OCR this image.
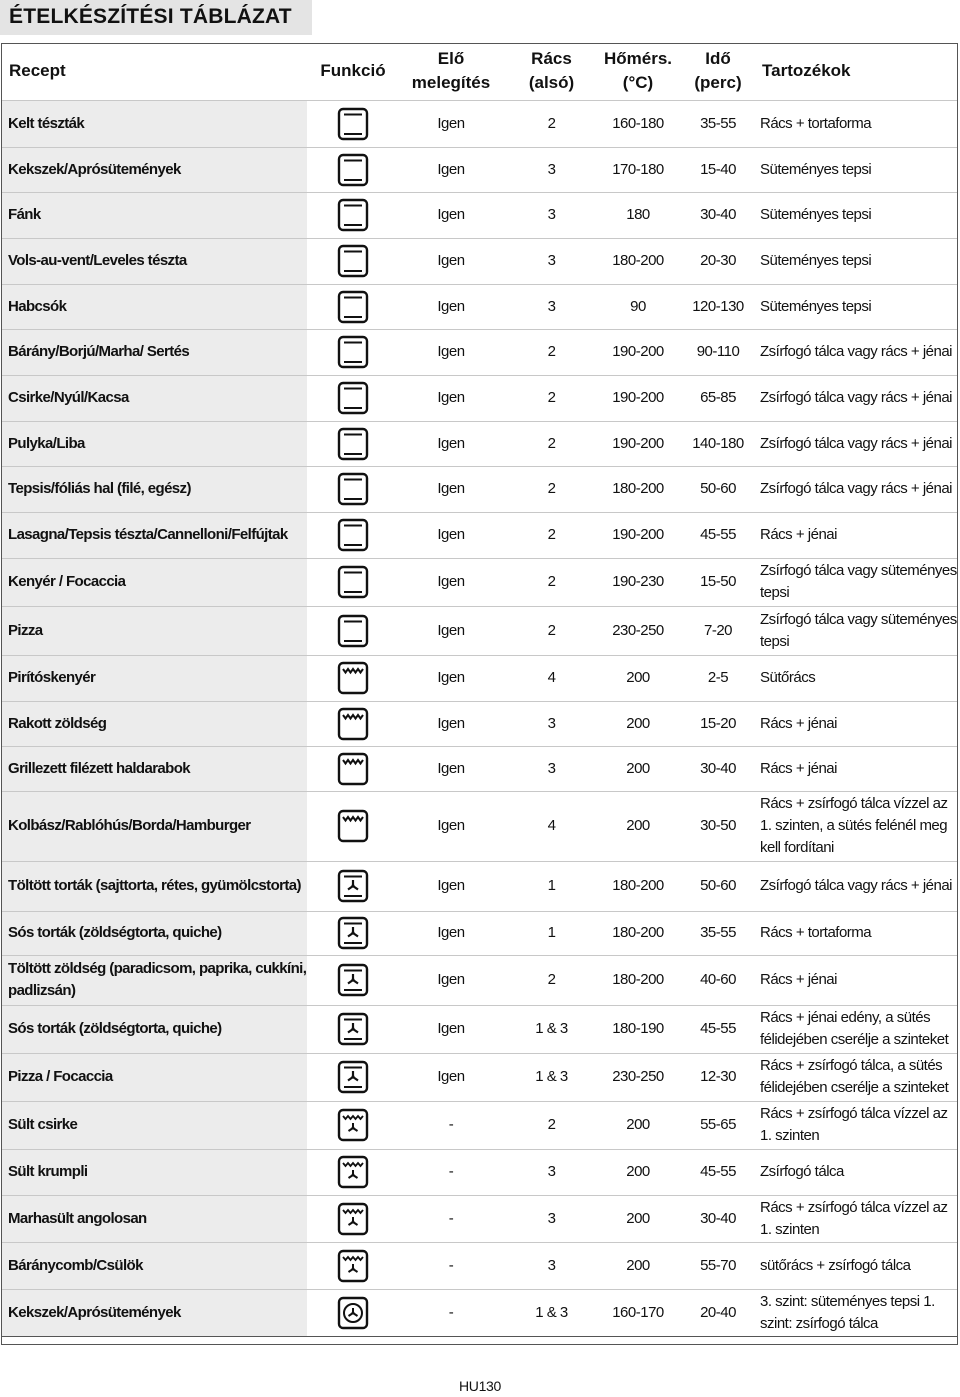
ÉTELKÉSZÍTÉSI TÁBLÁZAT
Recept	Funkció	Elő melegítés	Rács (alsó)	Hőmérs. (°C)	Idő (perc)	Tartozékok
Kelt tészták		Igen	2	160-180	35-55	Rács + tortaforma
Kekszek/Aprósütemények		Igen	3	170-180	15-40	Süteményes tepsi
Fánk		Igen	3	180	30-40	Süteményes tepsi
Vols-au-vent/Leveles tészta		Igen	3	180-200	20-30	Süteményes tepsi
Habcsók		Igen	3	90	120-130	Süteményes tepsi
Bárány/Borjú/Marha/ Sertés		Igen	2	190-200	90-110	Zsírfogó tálca vagy rács + jénai
Csirke/Nyúl/Kacsa		Igen	2	190-200	65-85	Zsírfogó tálca vagy rács + jénai
Pulyka/Liba		Igen	2	190-200	140-180	Zsírfogó tálca vagy rács + jénai
Tepsis/fóliás hal (filé, egész)		Igen	2	180-200	50-60	Zsírfogó tálca vagy rács + jénai
Lasagna/Tepsis tészta/Cannelloni/Felfújtak		Igen	2	190-200	45-55	Rács + jénai
Kenyér / Focaccia		Igen	2	190-230	15-50	Zsírfogó tálca vagy süteményes tepsi
Pizza		Igen	2	230-250	7-20	Zsírfogó tálca vagy süteményes tepsi
Pirítóskenyér		Igen	4	200	2-5	Sütőrács
Rakott zöldség		Igen	3	200	15-20	Rács + jénai
Grillezett filézett haldarabok		Igen	3	200	30-40	Rács + jénai
Kolbász/Rablóhús/Borda/Hamburger		Igen	4	200	30-50	Rács + zsírfogó tálca vízzel az 1. szinten, a sütés felénél meg kell fordítani
Töltött torták (sajttorta, rétes, gyümölcstorta)		Igen	1	180-200	50-60	Zsírfogó tálca vagy rács + jénai
Sós torták (zöldségtorta, quiche)		Igen	1	180-200	35-55	Rács + tortaforma
Töltött zöldség (paradicsom, paprika, cukkíni, padlizsán)		Igen	2	180-200	40-60	Rács + jénai
Sós torták (zöldségtorta, quiche)		Igen	1 & 3	180-190	45-55	Rács + jénai edény, a sütés félidejében cserélje a szinteket
Pizza / Focaccia		Igen	1 & 3	230-250	12-30	Rács + zsírfogó tálca, a sütés félidejében cserélje a szinteket
Sült csirke		-	2	200	55-65	Rács + zsírfogó tálca vízzel az 1. szinten
Sült krumpli		-	3	200	45-55	Zsírfogó tálca
Marhasült angolosan		-	3	200	30-40	Rács + zsírfogó tálca vízzel az 1. szinten
Báránycomb/Csülök		-	3	200	55-70	sütőrács + zsírfogó tálca
Kekszek/Aprósütemények		-	1 & 3	160-170	20-40	3. szint: süteményes tepsi 1. szint: zsírfogó tálca
HU130
